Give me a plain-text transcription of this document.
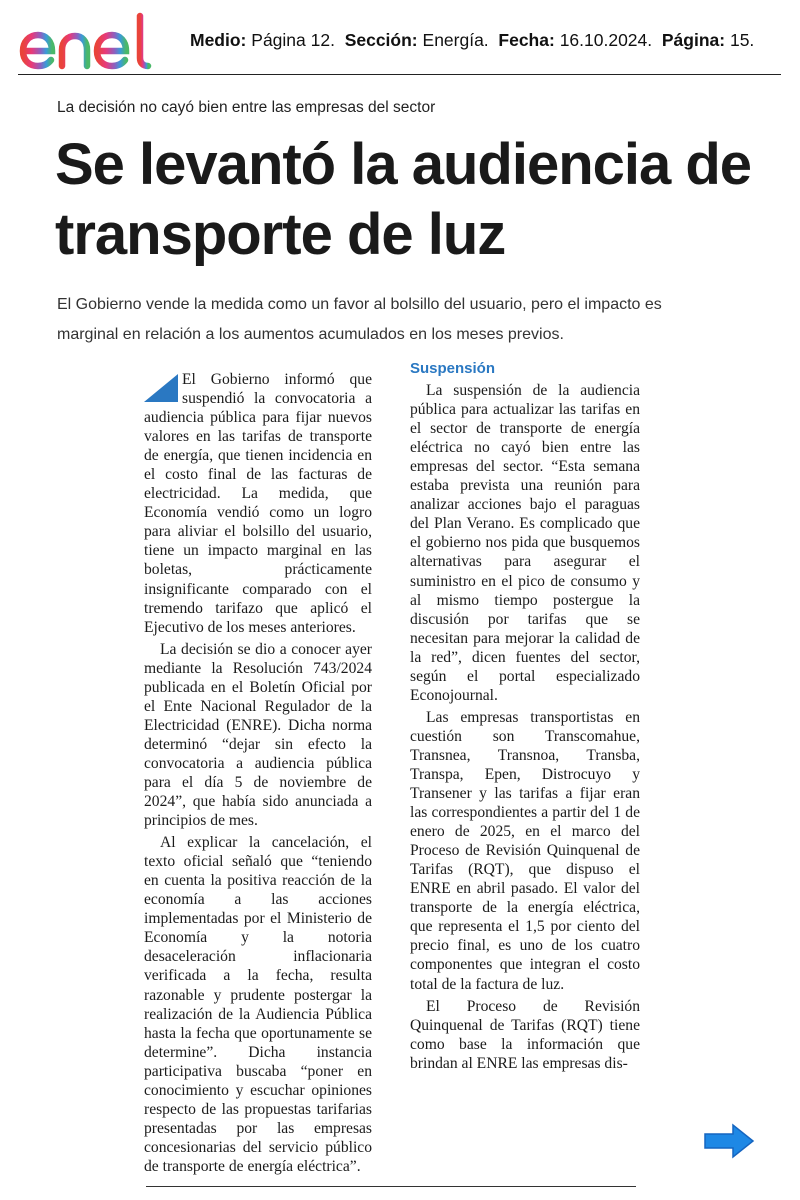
Medio: Página 12. Sección: Energía. Fecha: 16.10.2024. Página: 15.
La decisión no cayó bien entre las empresas del sector
Se levantó la audiencia de transporte de luz
El Gobierno vende la medida como un favor al bolsillo del usuario, pero el impacto es marginal en relación a los aumentos acumulados en los meses previos.

El Gobierno informó que suspendió la convocatoria a audiencia pública para fijar nuevos valores en las tarifas de transporte de energía, que tienen incidencia en el costo final de las facturas de electricidad. La medida, que Economía vendió como un logro para aliviar el bolsillo del usuario, tiene un impacto marginal en las boletas, prácticamente insignificante comparado con el tremendo tarifazo que aplicó el Ejecutivo de los meses anteriores.

La decisión se dio a conocer ayer mediante la Resolución 743/2024 publicada en el Boletín Oficial por el Ente Nacional Regulador de la Electricidad (ENRE). Dicha norma determinó “dejar sin efecto la convocatoria a audiencia pública para el día 5 de noviembre de 2024”, que había sido anunciada a principios de mes.

Al explicar la cancelación, el texto oficial señaló que “teniendo en cuenta la positiva reacción de la economía a las acciones implementadas por el Ministerio de Economía y la notoria desaceleración inflacionaria verificada a la fecha, resulta razonable y prudente postergar la realización de la Audiencia Pública hasta la fecha que oportunamente se determine”. Dicha instancia participativa buscaba “poner en conocimiento y escuchar opiniones respecto de las propuestas tarifarias presentadas por las empresas concesionarias del servicio público de transporte de energía eléctrica”.

Suspensión

La suspensión de la audiencia pública para actualizar las tarifas en el sector de transporte de energía eléctrica no cayó bien entre las empresas del sector. “Esta semana estaba prevista una reunión para analizar acciones bajo el paraguas del Plan Verano. Es complicado que el gobierno nos pida que busquemos alternativas para asegurar el suministro en el pico de consumo y al mismo tiempo postergue la discusión por tarifas que se necesitan para mejorar la calidad de la red”, dicen fuentes del sector, según el portal especializado Econojournal.

Las empresas transportistas en cuestión son Transcomahue, Transnea, Transnoa, Transba, Transpa, Epen, Distrocuyo y Transener y las tarifas a fijar eran las correspondientes a partir del 1 de enero de 2025, en el marco del Proceso de Revisión Quinquenal de Tarifas (RQT), que dispuso el ENRE en abril pasado. El valor del transporte de la energía eléctrica, que representa el 1,5 por ciento del precio final, es uno de los cuatro componentes que integran el costo total de la factura de luz.

El Proceso de Revisión Quinquenal de Tarifas (RQT) tiene como base la información que brindan al ENRE las empresas dis-
